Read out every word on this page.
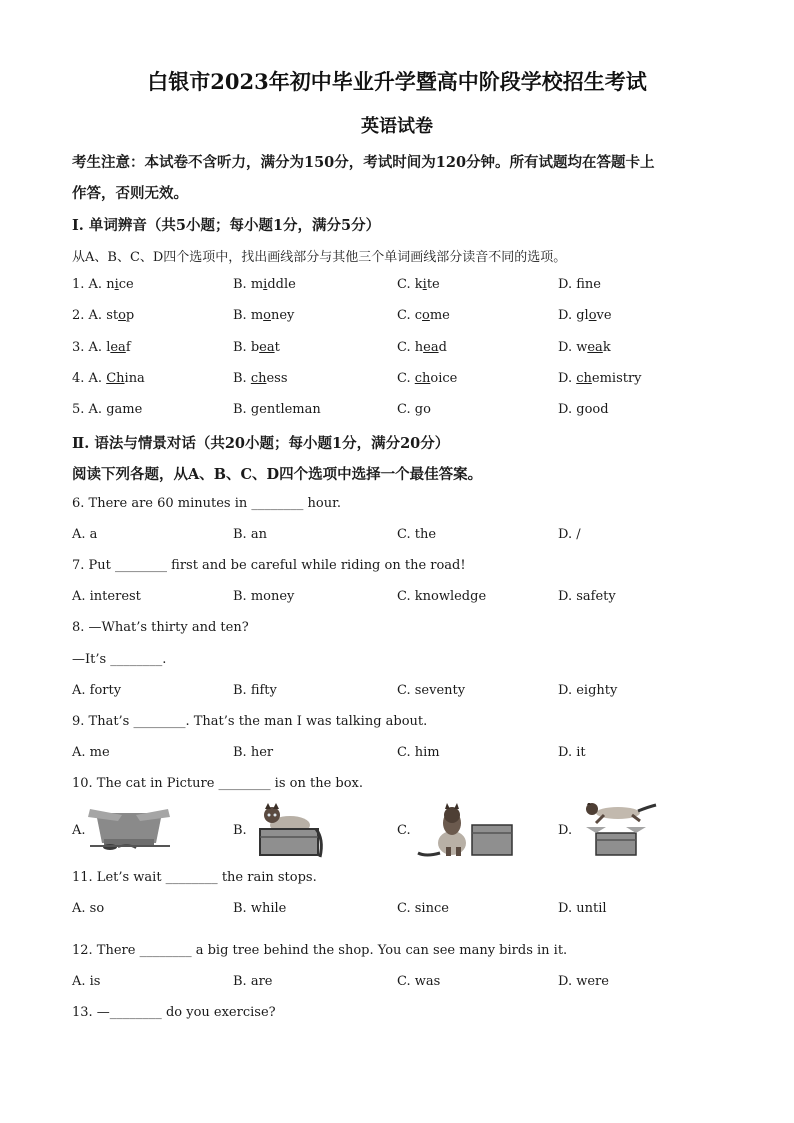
白银市2023年初中毕业升学暨高中阶段学校招生考试
英语试卷
考生注意：本试卷不含听力，满分为150分，考试时间为120分钟。所有试题均在答题卡上
作答，否则无效。
Ⅰ. 单词辨音（共5小题；每小题1分，满分5分）
从A、B、C、D四个选项中，找出画线部分与其他三个单词画线部分读音不同的选项。
1. A. nice	B. middle	C. kite	D. fne
2. A. stop	B. money	C. come	D. glove
3. A. leaf	B. beat	C. head	D. weak
4. A. China	B. chess	C. choice	D. chemistry
5. A. game	B. gentleman	C. go	D. good
Ⅱ. 语法与情景对话（共20小题；每小题1分，满分20分）
阅读下列各题，从A、B、C、D四个选项中选择一个最佳答案。
6. There are 60 minutes in ________ hour.
A. a	B. an	C. the	D. /
7. Put ________ first and be careful while riding on the road!
A. interest	B. money	C. knowledge	D. safety
8. —What’s thirty and ten?
—It’s ________.
A. forty	B. fifty	C. seventy	D. eighty
9. That’s ________. That’s the man I was talking about.
A. me	B. her	C. him	D. it
10. The cat in Picture ________ is on the box.
A.	B.	C.	D.
11. Let’s wait ________ the rain stops.
A. so	B. while	C. since	D. until
12. There ________ a big tree behind the shop. You can see many birds in it.
A. is	B. are	C. was	D. were
13. —________ do you exercise?
